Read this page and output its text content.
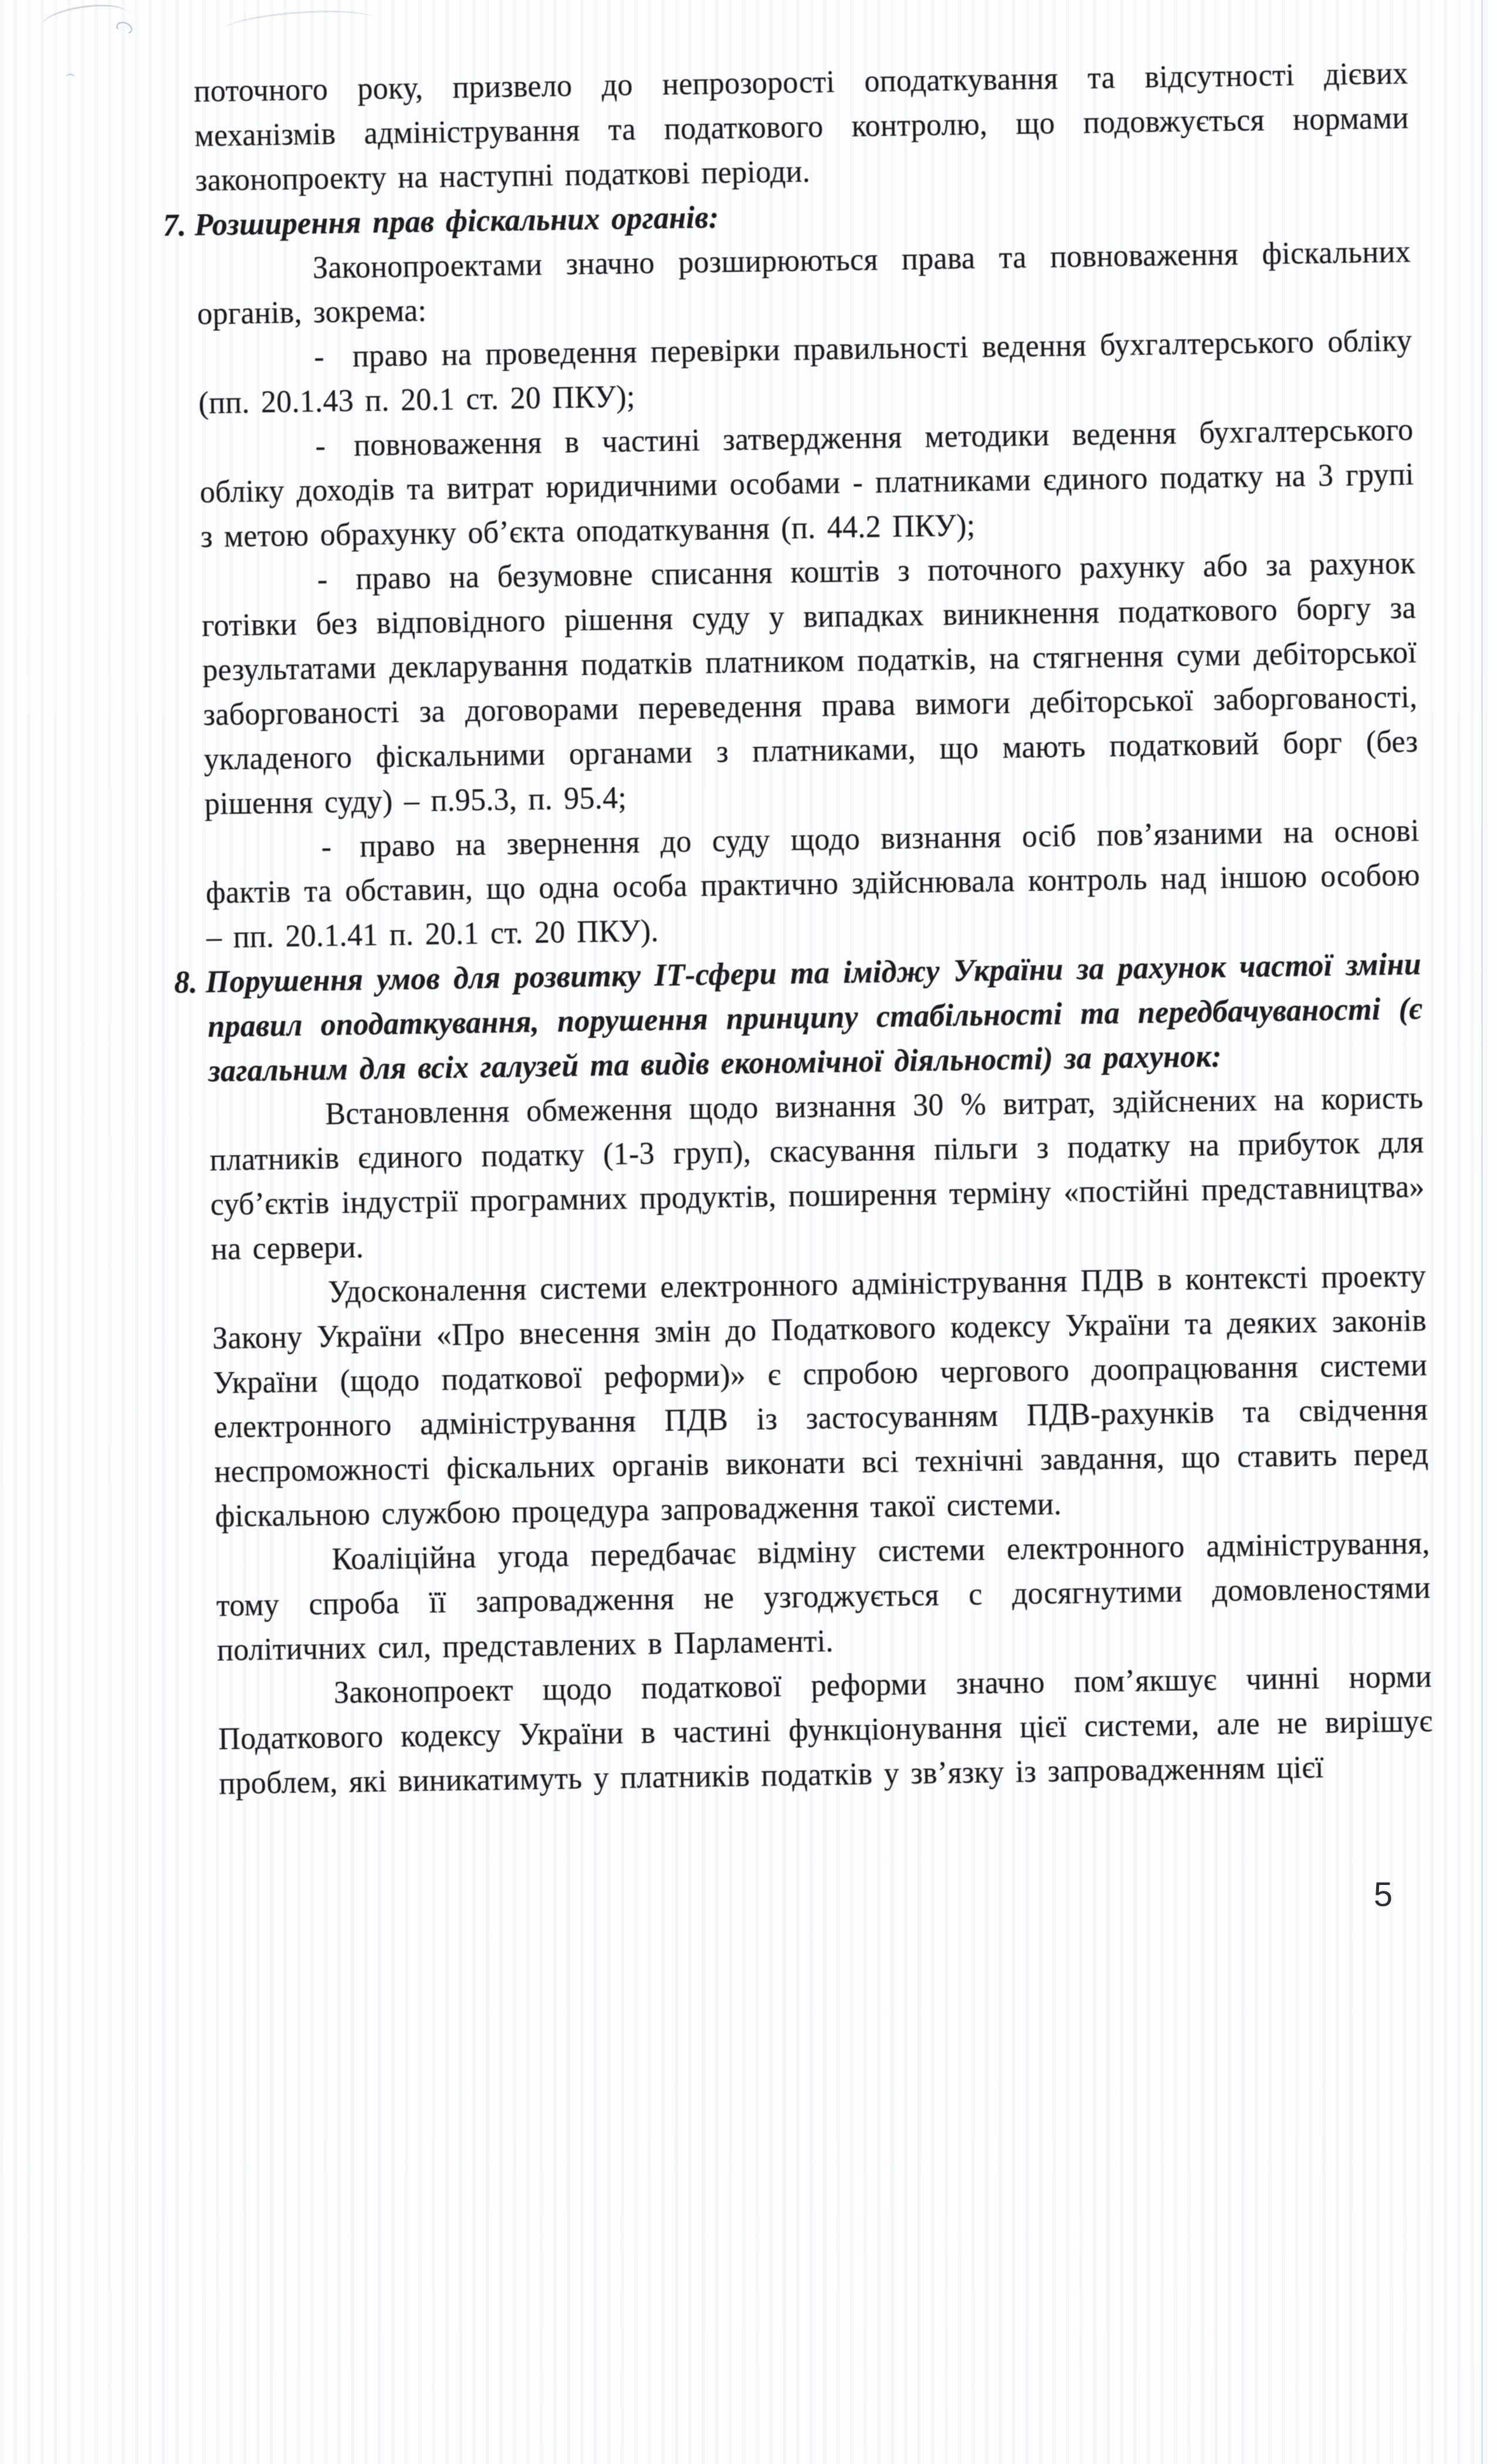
поточного року, призвело до непрозорості оподаткування та відсутності дієвих механізмів адміністрування та податкового контролю, що подовжується нормами законопроекту на наступні податкові періоди.

7. Розширення прав фіскальних органів:

Законопроектами значно розширюються права та повноваження фіскальних органів, зокрема:

- право на проведення перевірки правильності ведення бухгалтерського обліку (пп. 20.1.43 п. 20.1 ст. 20 ПКУ);

- повноваження в частині затвердження методики ведення бухгалтерського обліку доходів та витрат юридичними особами - платниками єдиного податку на 3 групі з метою обрахунку об’єкта оподаткування (п. 44.2 ПКУ);

- право на безумовне списання коштів з поточного рахунку або за рахунок готівки без відповідного рішення суду у випадках виникнення податкового боргу за результатами декларування податків платником податків, на стягнення суми дебіторської заборгованості за договорами переведення права вимоги дебіторської заборгованості, укладеного фіскальними органами з платниками, що мають податковий борг (без рішення суду) – п.95.3, п. 95.4;

- право на звернення до суду щодо визнання осіб пов’язаними на основі фактів та обставин, що одна особа практично здійснювала контроль над іншою особою – пп. 20.1.41 п. 20.1 ст. 20 ПКУ).

8. Порушення умов для розвитку ІТ-сфери та іміджу України за рахунок частої зміни правил оподаткування, порушення принципу стабільності та передбачуваності (є загальним для всіх галузей та видів економічної діяльності) за рахунок:

Встановлення обмеження щодо визнання 30 % витрат, здійснених на користь платників єдиного податку (1-3 груп), скасування пільги з податку на прибуток для суб’єктів індустрії програмних продуктів, поширення терміну «постійні представництва» на сервери.

Удосконалення системи електронного адміністрування ПДВ в контексті проекту Закону України «Про внесення змін до Податкового кодексу України та деяких законів України (щодо податкової реформи)» є спробою чергового доопрацювання системи електронного адміністрування ПДВ із застосуванням ПДВ-рахунків та свідчення неспроможності фіскальних органів виконати всі технічні завдання, що ставить перед фіскальною службою процедура запровадження такої системи.

Коаліційна угода передбачає відміну системи електронного адміністрування, тому спроба її запровадження не узгоджується с досягнутими домовленостями політичних сил, представлених в Парламенті.

Законопроект щодо податкової реформи значно пом’якшує чинні норми Податкового кодексу України в частині функціонування цієї системи, але не вирішує проблем, які виникатимуть у платників податків у зв’язку із запровадженням цієї

5
